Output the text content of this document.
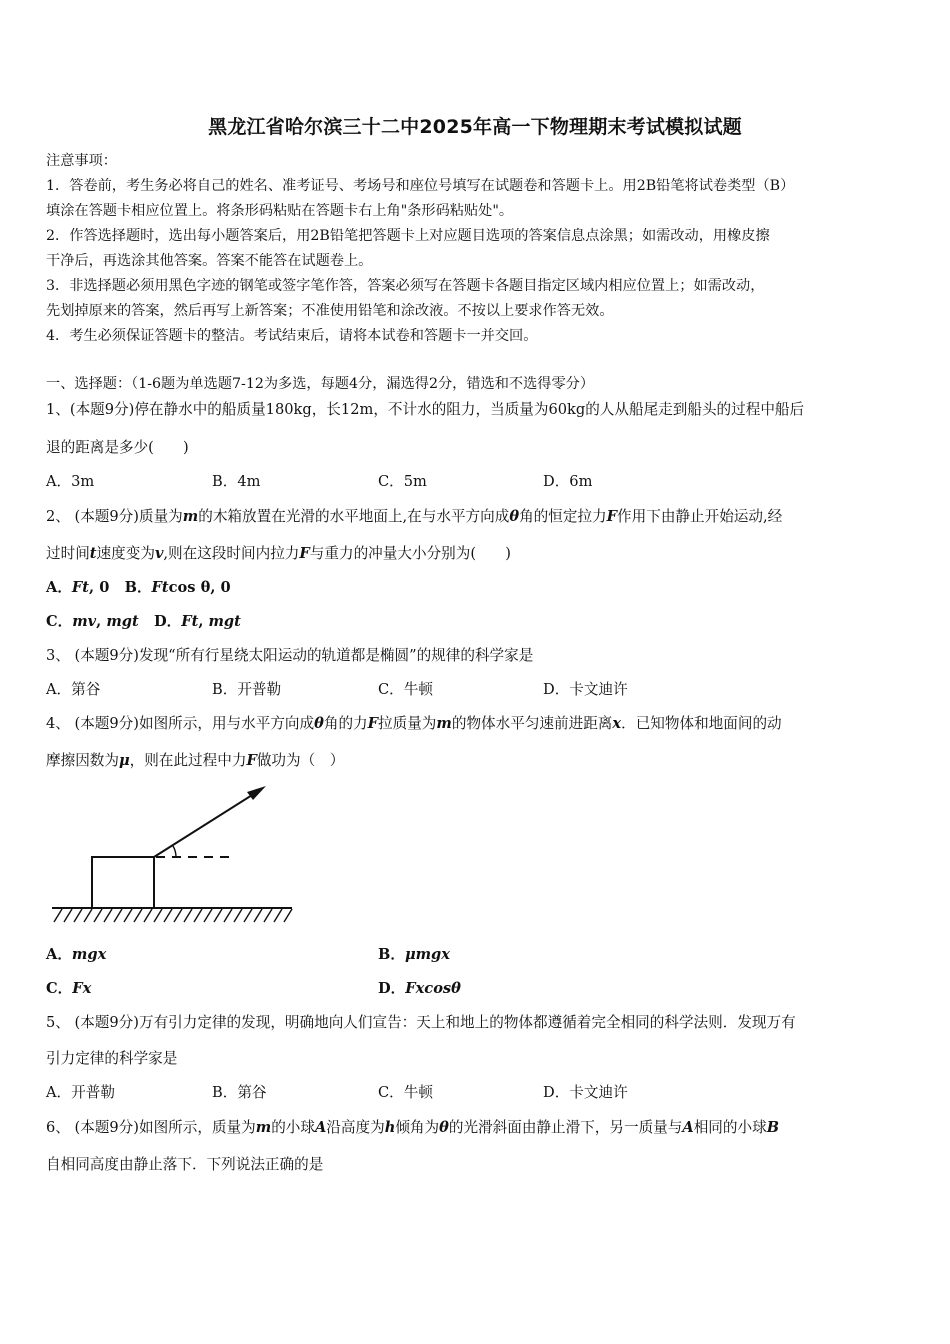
黑龙江省哈尔滨三十二中2025年高一下物理期末考试模拟试题
注意事项：
1．答卷前，考生务必将自己的姓名、准考证号、考场号和座位号填写在试题卷和答题卡上。用2B铅笔将试卷类型（B）
填涂在答题卡相应位置上。将条形码粘贴在答题卡右上角"条形码粘贴处"。
2．作答选择题时，选出每小题答案后，用2B铅笔把答题卡上对应题目选项的答案信息点涂黑；如需改动，用橡皮擦
干净后，再选涂其他答案。答案不能答在试题卷上。
3．非选择题必须用黑色字迹的钢笔或签字笔作答，答案必须写在答题卡各题目指定区域内相应位置上；如需改动，
先划掉原来的答案，然后再写上新答案；不准使用铅笔和涂改液。不按以上要求作答无效。
4．考生必须保证答题卡的整洁。考试结束后，请将本试卷和答题卡一并交回。
一、选择题：（1-6题为单选题7-12为多选，每题4分，漏选得2分，错选和不选得零分）
1、(本题9分)停在静水中的船质量180kg，长12m，不计水的阻力，当质量为60kg的人从船尾走到船头的过程中船后
退的距离是多少(　　)
A．3m	B．4m	C．5m	D．6m
2、 (本题9分)质量为m的木箱放置在光滑的水平地面上,在与水平方向成θ角的恒定拉力F作用下由静止开始运动,经
过时间t速度变为v,则在这段时间内拉力F与重力的冲量大小分别为(　　)
A．Ft, 0 B．Ftcos θ, 0
C．mv, mgt D．Ft, mgt
3、 (本题9分)发现“所有行星绕太阳运动的轨道都是椭圆”的规律的科学家是
A．第谷	B．开普勒	C．牛顿	D．卡文迪许
4、 (本题9分)如图所示，用与水平方向成θ角的力F拉质量为m的物体水平匀速前进距离x．已知物体和地面间的动
摩擦因数为μ，则在此过程中力F做功为（　）
A．mgx	B．μmgx
C．Fx	D．Fxcosθ
5、 (本题9分)万有引力定律的发现，明确地向人们宣告：天上和地上的物体都遵循着完全相同的科学法则．发现万有
引力定律的科学家是
A．开普勒	B．第谷	C．牛顿	D．卡文迪许
6、 (本题9分)如图所示，质量为m的小球A沿高度为h倾角为θ的光滑斜面由静止滑下，另一质量与A相同的小球B
自相同高度由静止落下．下列说法正确的是
